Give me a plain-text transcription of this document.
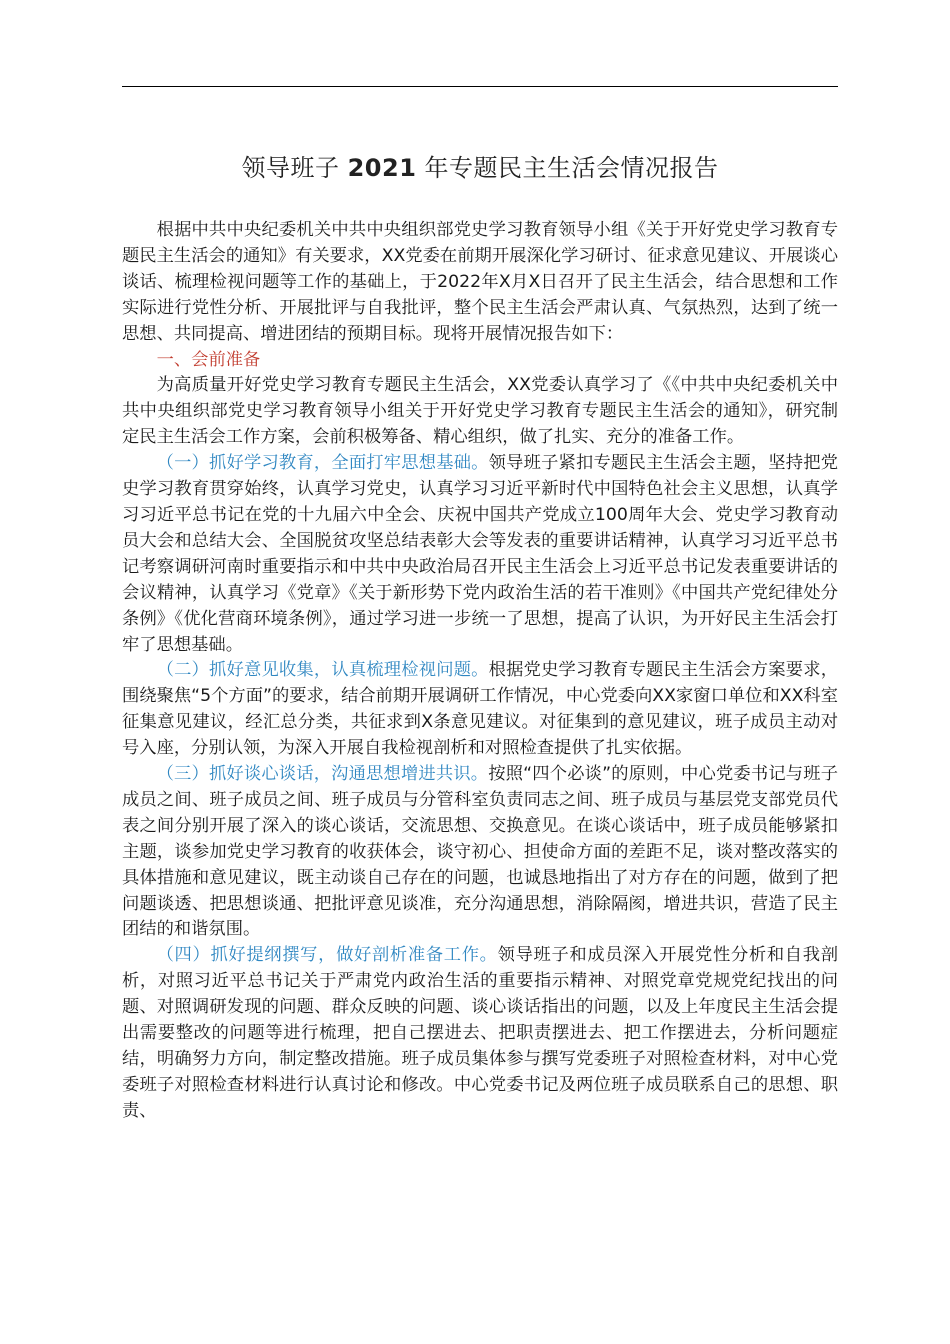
领导班子 2021 年专题民主生活会情况报告

根据中共中央纪委机关中共中央组织部党史学习教育领导小组《关于开好党史学习教育专题民主生活会的通知》有关要求，XX党委在前期开展深化学习研讨、征求意见建议、开展谈心谈话、梳理检视问题等工作的基础上，于2022年X月X日召开了民主生活会，结合思想和工作实际进行党性分析、开展批评与自我批评，整个民主生活会严肃认真、气氛热烈，达到了统一思想、共同提高、增进团结的预期目标。现将开展情况报告如下：

一、会前准备

为高质量开好党史学习教育专题民主生活会，XX党委认真学习了《《中共中央纪委机关中共中央组织部党史学习教育领导小组关于开好党史学习教育专题民主生活会的通知》，研究制定民主生活会工作方案，会前积极筹备、精心组织，做了扎实、充分的准备工作。

（一）抓好学习教育，全面打牢思想基础。领导班子紧扣专题民主生活会主题，坚持把党史学习教育贯穿始终，认真学习党史，认真学习习近平新时代中国特色社会主义思想，认真学习习近平总书记在党的十九届六中全会、庆祝中国共产党成立100周年大会、党史学习教育动员大会和总结大会、全国脱贫攻坚总结表彰大会等发表的重要讲话精神，认真学习习近平总书记考察调研河南时重要指示和中共中央政治局召开民主生活会上习近平总书记发表重要讲话的会议精神，认真学习《党章》《关于新形势下党内政治生活的若干准则》《中国共产党纪律处分条例》《优化营商环境条例》，通过学习进一步统一了思想，提高了认识，为开好民主生活会打牢了思想基础。

（二）抓好意见收集，认真梳理检视问题。根据党史学习教育专题民主生活会方案要求，围绕聚焦“5个方面”的要求，结合前期开展调研工作情况，中心党委向XX家窗口单位和XX科室征集意见建议，经汇总分类，共征求到X条意见建议。对征集到的意见建议，班子成员主动对号入座，分别认领，为深入开展自我检视剖析和对照检查提供了扎实依据。

（三）抓好谈心谈话，沟通思想增进共识。按照“四个必谈”的原则，中心党委书记与班子成员之间、班子成员之间、班子成员与分管科室负责同志之间、班子成员与基层党支部党员代表之间分别开展了深入的谈心谈话，交流思想、交换意见。在谈心谈话中，班子成员能够紧扣主题，谈参加党史学习教育的收获体会，谈守初心、担使命方面的差距不足，谈对整改落实的具体措施和意见建议，既主动谈自己存在的问题，也诚恳地指出了对方存在的问题，做到了把问题谈透、把思想谈通、把批评意见谈准，充分沟通思想，消除隔阂，增进共识，营造了民主团结的和谐氛围。

（四）抓好提纲撰写，做好剖析准备工作。领导班子和成员深入开展党性分析和自我剖析，对照习近平总书记关于严肃党内政治生活的重要指示精神、对照党章党规党纪找出的问题、对照调研发现的问题、群众反映的问题、谈心谈话指出的问题，以及上年度民主生活会提出需要整改的问题等进行梳理，把自己摆进去、把职责摆进去、把工作摆进去，分析问题症结，明确努力方向，制定整改措施。班子成员集体参与撰写党委班子对照检查材料，对中心党委班子对照检查材料进行认真讨论和修改。中心党委书记及两位班子成员联系自己的思想、职责、
